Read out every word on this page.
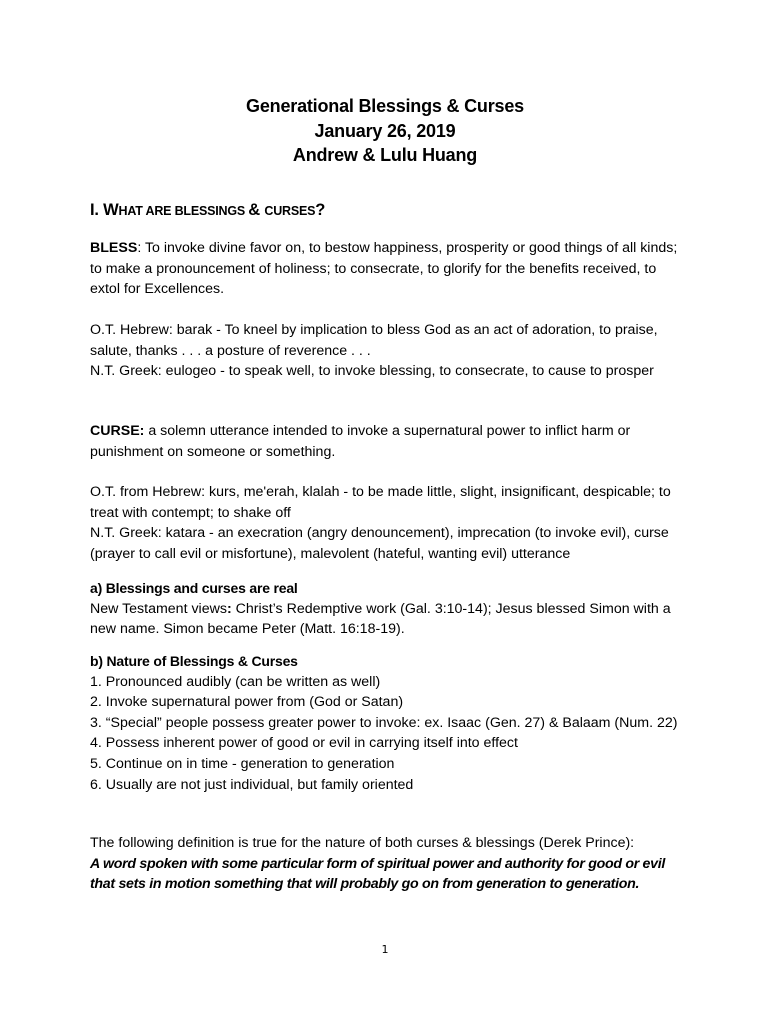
Generational Blessings & Curses
January 26, 2019
Andrew & Lulu Huang
I. WHAT ARE BLESSINGS & CURSES?

BLESS: To invoke divine favor on, to bestow happiness, prosperity or good things of all kinds; to make a pronouncement of holiness; to consecrate, to glorify for the benefits received, to extol for Excellences.

O.T. Hebrew: barak - To kneel by implication to bless God as an act of adoration, to praise, salute, thanks . . . a posture of reverence . . .

N.T. Greek: eulogeo - to speak well, to invoke blessing, to consecrate, to cause to prosper

CURSE: a solemn utterance intended to invoke a supernatural power to inflict harm or punishment on someone or something.

O.T. from Hebrew: kurs, me'erah, klalah - to be made little, slight, insignificant, despicable; to treat with contempt; to shake off

N.T. Greek: katara - an execration (angry denouncement), imprecation (to invoke evil), curse (prayer to call evil or misfortune), malevolent (hateful, wanting evil) utterance

a) Blessings and curses are real

New Testament views: Christ’s Redemptive work (Gal. 3:10-14); Jesus blessed Simon with a new name. Simon became Peter (Matt. 16:18-19).

b) Nature of Blessings & Curses

1. Pronounced audibly (can be written as well)

2. Invoke supernatural power from (God or Satan)

3. “Special” people possess greater power to invoke: ex. Isaac (Gen. 27) & Balaam (Num. 22)

4. Possess inherent power of good or evil in carrying itself into effect

5. Continue on in time - generation to generation

6. Usually are not just individual, but family oriented

The following definition is true for the nature of both curses & blessings (Derek Prince):

A word spoken with some particular form of spiritual power and authority for good or evil that sets in motion something that will probably go on from generation to generation.

1
